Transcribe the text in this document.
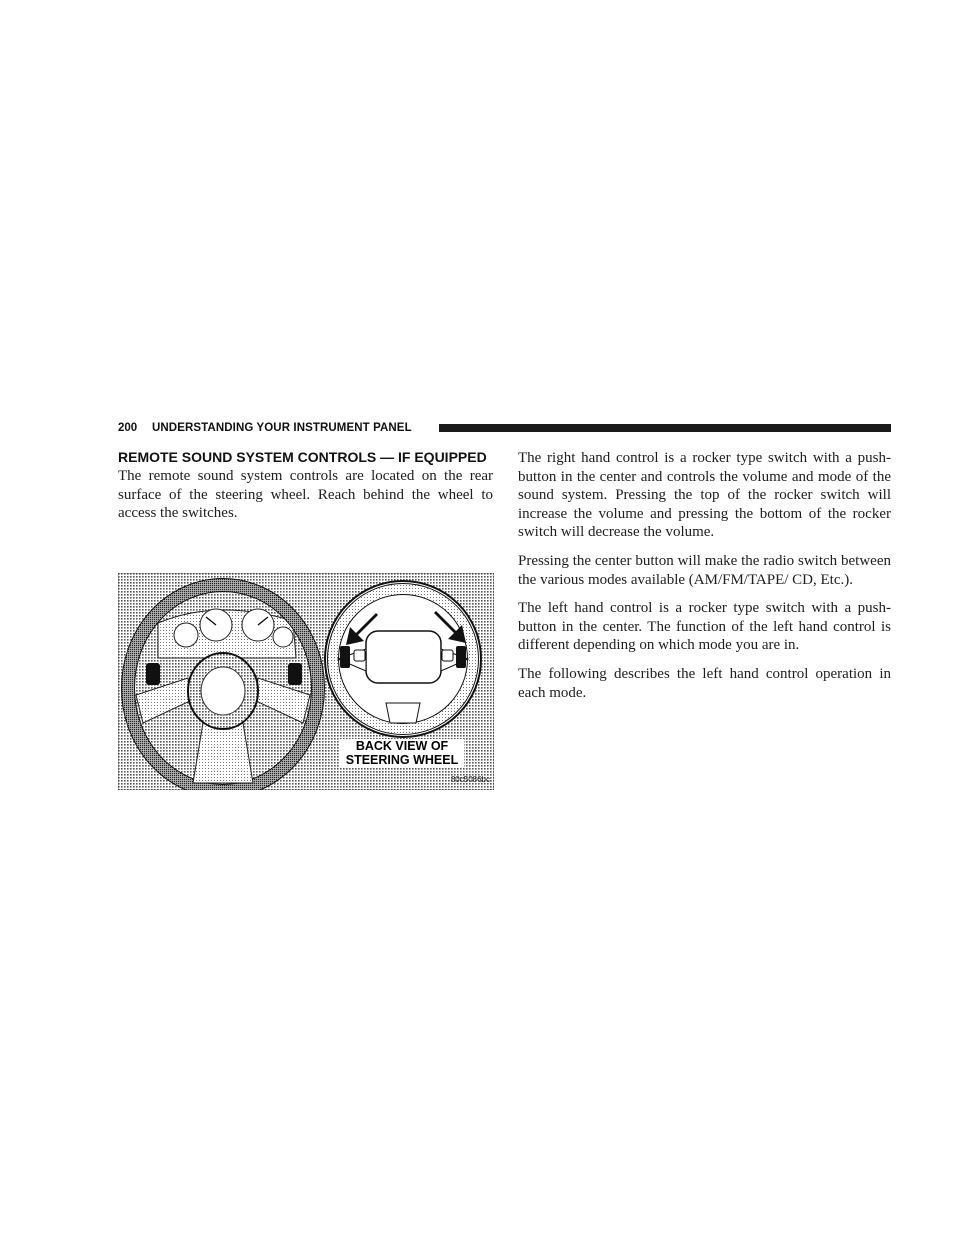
200 UNDERSTANDING YOUR INSTRUMENT PANEL
REMOTE SOUND SYSTEM CONTROLS — IF EQUIPPED

The remote sound system controls are located on the rear surface of the steering wheel. Reach behind the wheel to access the switches.

BACK VIEW OF
STEERING WHEEL
80c5086bc

The right hand control is a rocker type switch with a push-button in the center and controls the volume and mode of the sound system. Pressing the top of the rocker switch will increase the volume and pressing the bottom of the rocker switch will decrease the volume.

Pressing the center button will make the radio switch between the various modes available (AM/FM/TAPE/ CD, Etc.).

The left hand control is a rocker type switch with a push-button in the center. The function of the left hand control is different depending on which mode you are in.

The following describes the left hand control operation in each mode.
